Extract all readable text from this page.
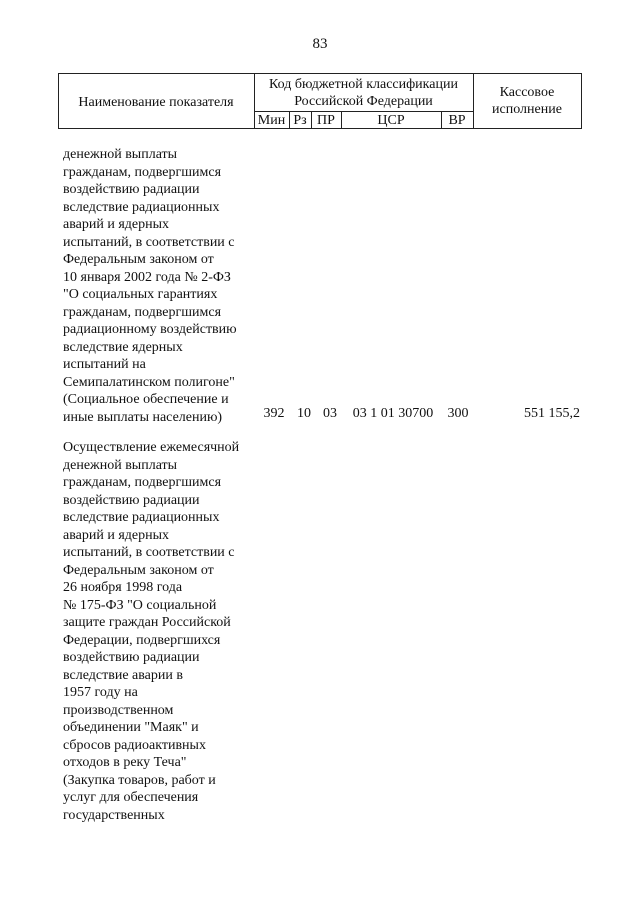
83
Наименование показателя
Код бюджетной классификации
Российской Федерации
Мин Рз ПР	ЦСР	ВР
Кассовое
исполнение
денежной выплаты
гражданам, подвергшимся
воздействию радиации
вследствие радиационных
аварий и ядерных
испытаний, в соответствии с
Федеральным законом от
10 января 2002 года № 2-ФЗ
"О социальных гарантиях
гражданам, подвергшимся
радиационному воздействию
вследствие ядерных
испытаний на
Семипалатинском полигоне"
(Социальное обеспечение и
иные выплаты населению)	392 10 03	03 1 01 30700	300	551 155,2
Осуществление ежемесячной
денежной выплаты
гражданам, подвергшимся
воздействию радиации
вследствие радиационных
аварий и ядерных
испытаний, в соответствии с
Федеральным законом от
26 ноября 1998 года
№ 175-ФЗ "О социальной
защите граждан Российской
Федерации, подвергшихся
воздействию радиации
вследствие аварии в
1957 году на
производственном
объединении "Маяк" и
сбросов радиоактивных
отходов в реку Теча"
(Закупка товаров, работ и
услуг для обеспечения
государственных
